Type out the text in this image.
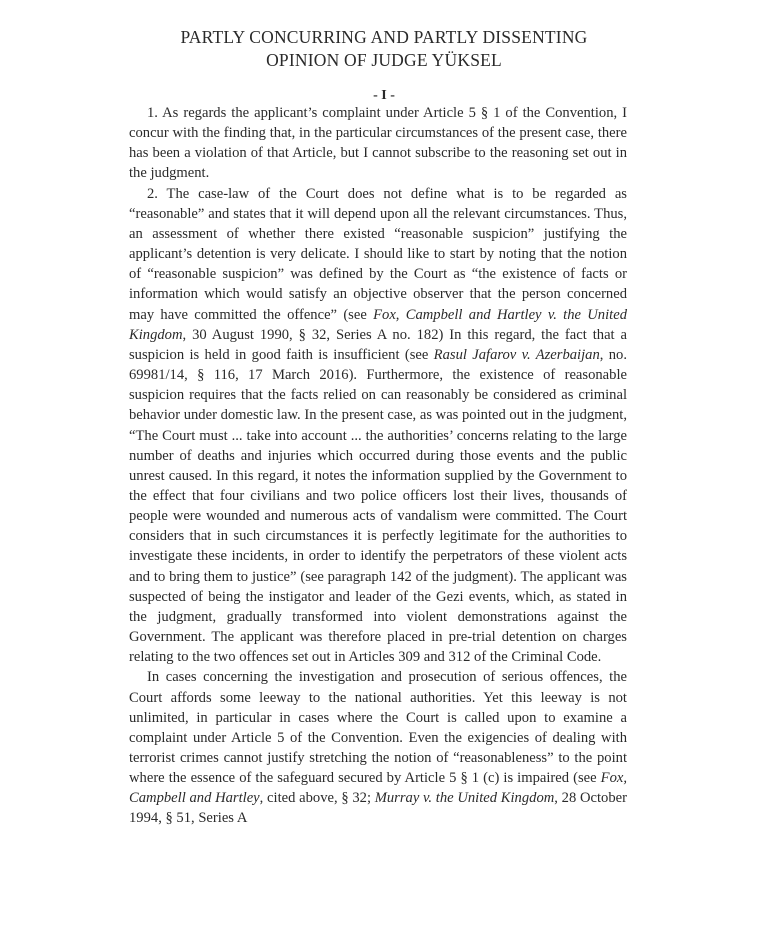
PARTLY CONCURRING AND PARTLY DISSENTING
OPINION OF JUDGE YÜKSEL
- I -

1. As regards the applicant’s complaint under Article 5 § 1 of the Convention, I concur with the finding that, in the particular circumstances of the present case, there has been a violation of that Article, but I cannot subscribe to the reasoning set out in the judgment.

2. The case-law of the Court does not define what is to be regarded as “reasonable” and states that it will depend upon all the relevant circumstances. Thus, an assessment of whether there existed “reasonable suspicion” justifying the applicant’s detention is very delicate. I should like to start by noting that the notion of “reasonable suspicion” was defined by the Court as “the existence of facts or information which would satisfy an objective observer that the person concerned may have committed the offence” (see Fox, Campbell and Hartley v. the United Kingdom, 30 August 1990, § 32, Series A no. 182) In this regard, the fact that a suspicion is held in good faith is insufficient (see Rasul Jafarov v. Azerbaijan, no. 69981/14, § 116, 17 March 2016). Furthermore, the existence of reasonable suspicion requires that the facts relied on can reasonably be considered as criminal behavior under domestic law. In the present case, as was pointed out in the judgment, “The Court must ... take into account ... the authorities’ concerns relating to the large number of deaths and injuries which occurred during those events and the public unrest caused. In this regard, it notes the information supplied by the Government to the effect that four civilians and two police officers lost their lives, thousands of people were wounded and numerous acts of vandalism were committed. The Court considers that in such circumstances it is perfectly legitimate for the authorities to investigate these incidents, in order to identify the perpetrators of these violent acts and to bring them to justice” (see paragraph 142 of the judgment). The applicant was suspected of being the instigator and leader of the Gezi events, which, as stated in the judgment, gradually transformed into violent demonstrations against the Government. The applicant was therefore placed in pre-trial detention on charges relating to the two offences set out in Articles 309 and 312 of the Criminal Code.

In cases concerning the investigation and prosecution of serious offences, the Court affords some leeway to the national authorities. Yet this leeway is not unlimited, in particular in cases where the Court is called upon to examine a complaint under Article 5 of the Convention. Even the exigencies of dealing with terrorist crimes cannot justify stretching the notion of “reasonableness” to the point where the essence of the safeguard secured by Article 5 § 1 (c) is impaired (see Fox, Campbell and Hartley, cited above, § 32; Murray v. the United Kingdom, 28 October 1994, § 51, Series A
